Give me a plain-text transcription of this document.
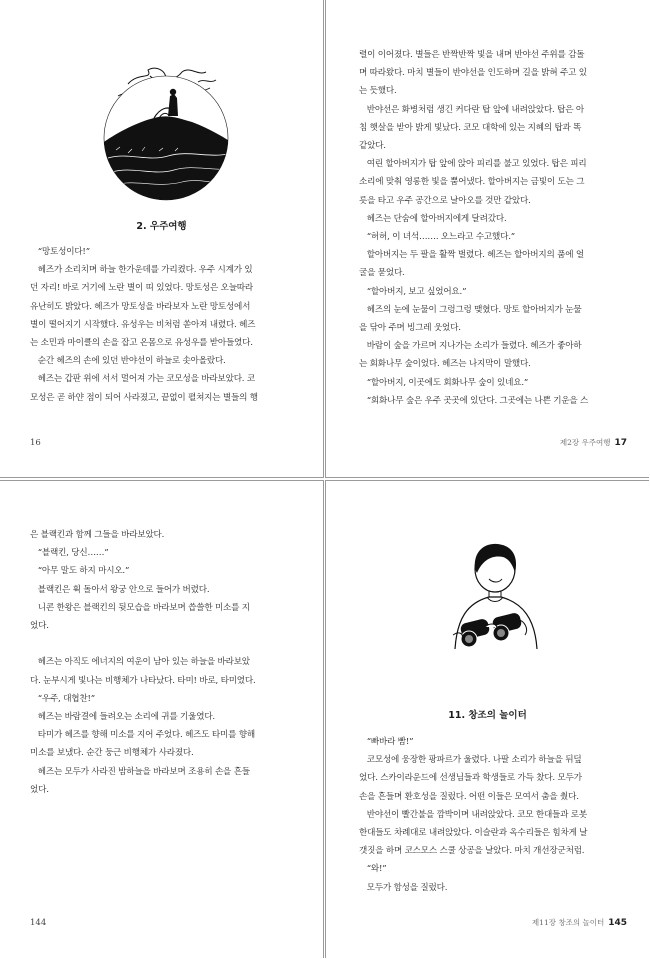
2. 우주여행

“망토성이다!”

헤즈가 소리치며 하늘 한가운데를 가리켰다. 우주 시계가 있

던 자리! 바로 거기에 노란 별이 띠 있었다. 망토성은 오늘따라

유난히도 밝았다. 헤즈가 망토성을 바라보자 노란 망토성에서

별이 떨어지기 시작했다. 유성우는 비처럼 쏟아져 내렸다. 헤즈

는 소민과 마이클의 손을 잡고 온몸으로 유성우를 받아들였다.

순간 헤즈의 손에 있던 반야선이 하늘로 솟아올랐다.

헤즈는 갑판 위에 서서 멀어져 가는 코모성을 바라보았다. 코

모성은 곧 하얀 점이 되어 사라졌고, 끝없이 펼쳐지는 별들의 행

16

렬이 이어졌다. 별들은 반짝반짝 빛을 내며 반야선 주위를 감돌

며 따라왔다. 마치 별들이 반야선을 인도하며 길을 밝혀 주고 있

는 듯했다.

반야선은 화병처럼 생긴 커다란 탑 앞에 내려앉았다. 탑은 아

침 햇살을 받아 밝게 빛났다. 코모 대학에 있는 지혜의 탑과 똑

같았다.

여린 할아버지가 탑 앞에 앉아 피리를 불고 있었다. 탑은 피리

소리에 맞춰 영롱한 빛을 뿜어냈다. 할아버지는 금빛이 도는 그

릇을 타고 우주 공간으로 날아오를 것만 같았다.

헤즈는 단숨에 할아버지에게 달려갔다.

“허허, 이 녀석……. 오느라고 수고했다.”

할아버지는 두 팔을 활짝 벌렸다. 헤즈는 할아버지의 품에 얼

굴을 묻었다.

“할아버지, 보고 싶었어요.”

헤즈의 눈에 눈물이 그렁그렁 맺혔다. 망토 할아버지가 눈물

을 닦아 주며 빙그레 웃었다.

바람이 숲을 가르며 지나가는 소리가 들렸다. 헤즈가 좋아하

는 회화나무 숲이었다. 헤즈는 나지막이 말했다.

“할아버지, 이곳에도 회화나무 숲이 있네요.”

“회화나무 숲은 우주 곳곳에 있단다. 그곳에는 나쁜 기운을 스

제2장 우주여행 17

은 블랙킨과 함께 그들을 바라보았다.

“블랙킨, 당신……”

“아무 말도 하지 마시오.”

블랙킨은 휙 돌아서 왕궁 안으로 들어가 버렸다.

니콘 한왕은 블랙킨의 뒷모습을 바라보며 씁쓸한 미소를 지

었다.

헤즈는 아직도 에너지의 여운이 남아 있는 하늘을 바라보았

다. 눈부시게 빛나는 비행체가 나타났다. 타미! 바로, 타미였다.

“우주, 대협찬!”

헤즈는 바람결에 들려오는 소리에 귀를 기울였다.

타미가 헤즈를 향해 미소를 지어 주었다. 헤즈도 타미를 향해

미소를 보냈다. 순간 둥근 비행체가 사라졌다.

헤즈는 모두가 사라진 밤하늘을 바라보며 조용히 손을 흔들

었다.

144
11. 창조의 놀이터

“빠바라 빰!”

코모성에 웅장한 팡파르가 울렸다. 나팔 소리가 하늘을 뒤덮

었다. 스카이라운드에 선생님들과 학생들로 가득 찼다. 모두가

손을 흔들며 환호성을 질렀다. 어떤 이들은 모여서 춤을 췄다.

반야선이 빨간불을 깜박이며 내려앉았다. 코모 한대들과 로봇

한대들도 차례대로 내려앉았다. 이슬란과 옥수리들은 힘차게 날

갯짓을 하며 코스모스 스쿨 상공을 날았다. 마치 개선장군처럼.

“와!”

모두가 함성을 질렀다.

제11장 창조의 놀이터 145
